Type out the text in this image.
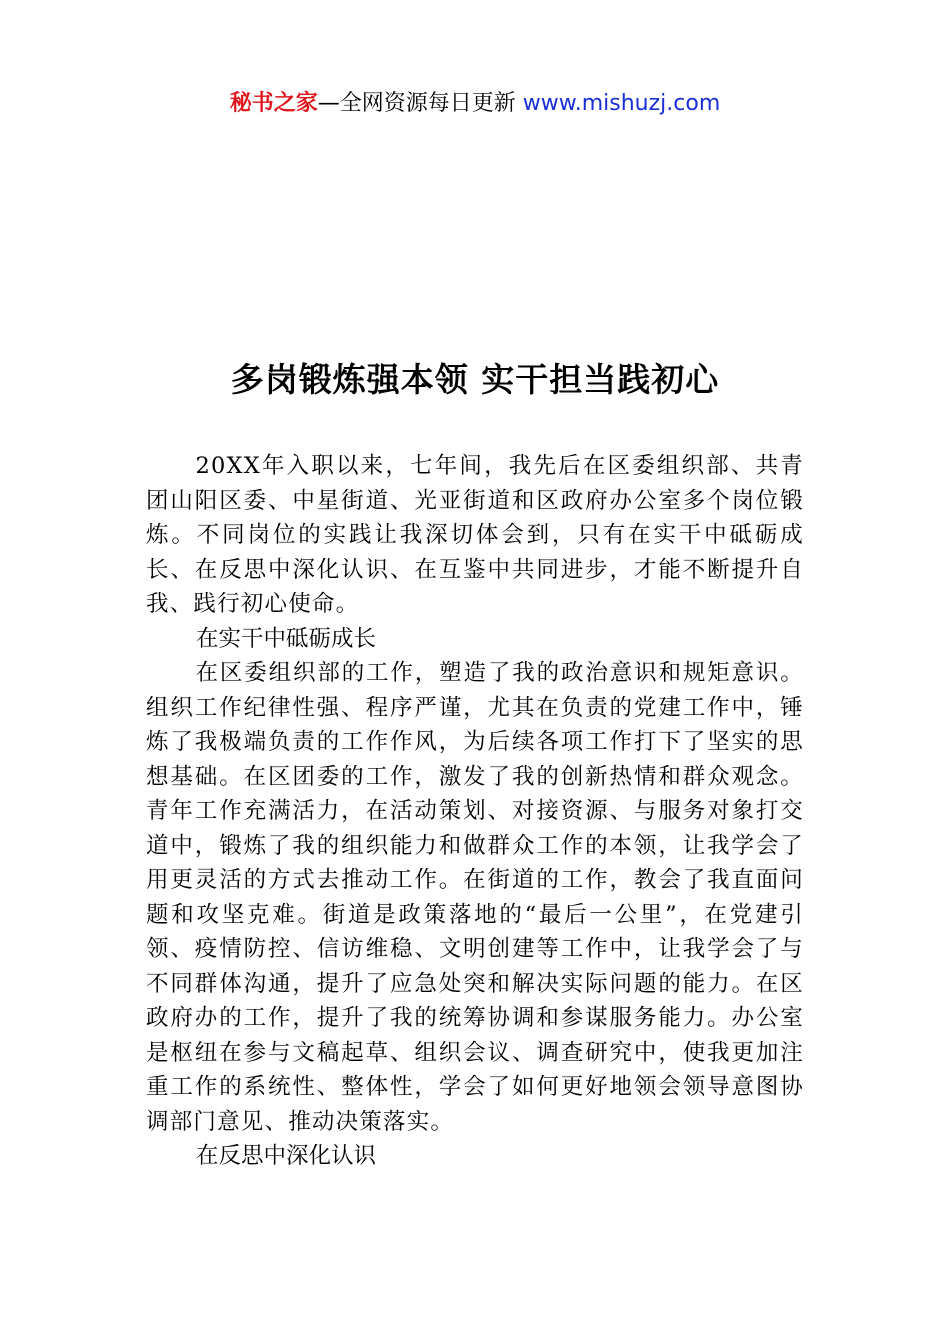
秘书之家—全网资源每日更新 www.mishuzj.com
多岗锻炼强本领 实干担当践初心

20XX年入职以来，七年间，我先后在区委组织部、共青团山阳区委、中星街道、光亚街道和区政府办公室多个岗位锻炼。不同岗位的实践让我深切体会到，只有在实干中砥砺成长、在反思中深化认识、在互鉴中共同进步，才能不断提升自我、践行初心使命。

在实干中砥砺成长

在区委组织部的工作，塑造了我的政治意识和规矩意识。组织工作纪律性强、程序严谨，尤其在负责的党建工作中，锤炼了我极端负责的工作作风，为后续各项工作打下了坚实的思想基础。在区团委的工作，激发了我的创新热情和群众观念。青年工作充满活力，在活动策划、对接资源、与服务对象打交道中，锻炼了我的组织能力和做群众工作的本领，让我学会了用更灵活的方式去推动工作。在街道的工作，教会了我直面问题和攻坚克难。街道是政策落地的“最后一公里”，在党建引领、疫情防控、信访维稳、文明创建等工作中，让我学会了与不同群体沟通，提升了应急处突和解决实际问题的能力。在区政府办的工作，提升了我的统筹协调和参谋服务能力。办公室是枢纽在参与文稿起草、组织会议、调查研究中，使我更加注重工作的系统性、整体性，学会了如何更好地领会领导意图协调部门意见、推动决策落实。

在反思中深化认识
